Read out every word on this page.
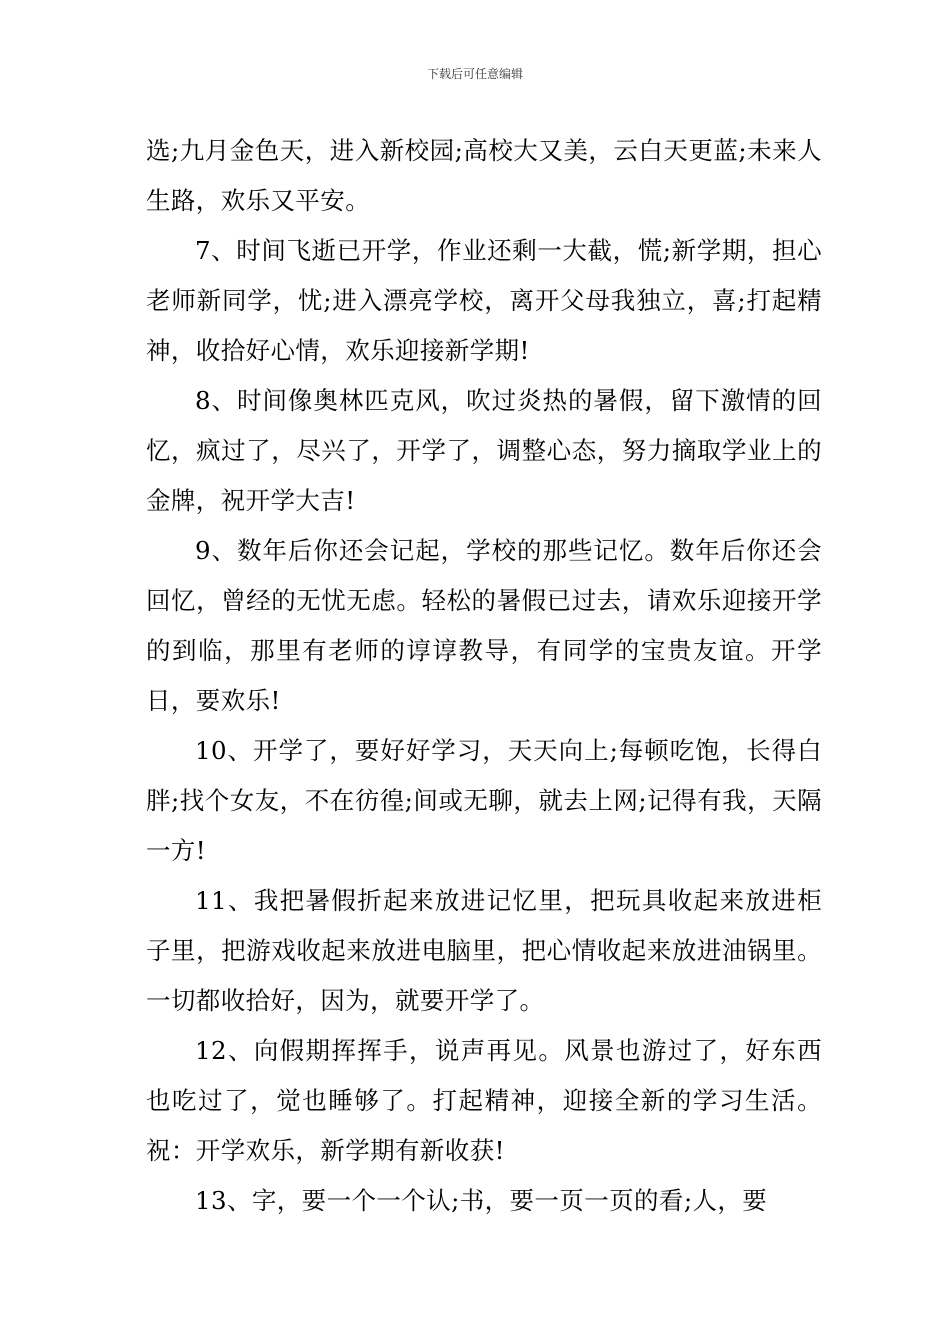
下载后可任意编辑

选;九月金色天，进入新校园;高校大又美，云白天更蓝;未来人生路，欢乐又平安。

7、时间飞逝已开学，作业还剩一大截，慌;新学期，担心老师新同学，忧;进入漂亮学校，离开父母我独立，喜;打起精神，收拾好心情，欢乐迎接新学期!

8、时间像奥林匹克风，吹过炎热的暑假，留下激情的回忆，疯过了，尽兴了，开学了，调整心态，努力摘取学业上的金牌，祝开学大吉!

9、数年后你还会记起，学校的那些记忆。数年后你还会回忆，曾经的无忧无虑。轻松的暑假已过去，请欢乐迎接开学的到临，那里有老师的谆谆教导，有同学的宝贵友谊。开学日，要欢乐!

10、开学了，要好好学习，天天向上;每顿吃饱，长得白胖;找个女友，不在彷徨;间或无聊，就去上网;记得有我，天隔一方!

11、我把暑假折起来放进记忆里，把玩具收起来放进柜子里，把游戏收起来放进电脑里，把心情收起来放进油锅里。一切都收拾好，因为，就要开学了。

12、向假期挥挥手，说声再见。风景也游过了，好东西也吃过了，觉也睡够了。打起精神，迎接全新的学习生活。祝：开学欢乐，新学期有新收获!

13、字，要一个一个认;书，要一页一页的看;人，要
